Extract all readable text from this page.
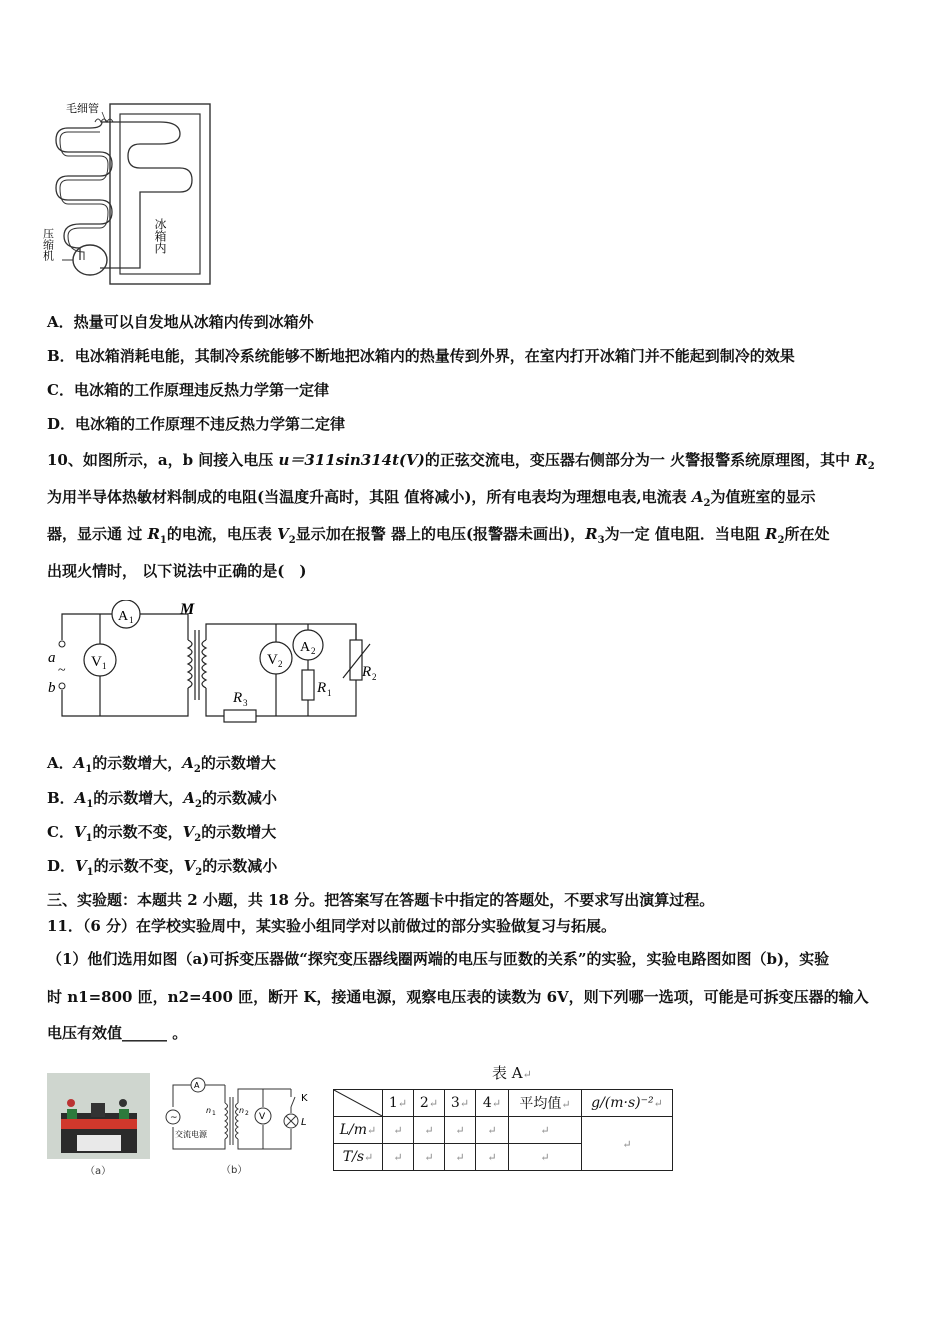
毛细管
冰箱内
压缩机
A．热量可以自发地从冰箱内传到冰箱外
B．电冰箱消耗电能，其制冷系统能够不断地把冰箱内的热量传到外界，在室内打开冰箱门并不能起到制冷的效果
C．电冰箱的工作原理违反热力学第一定律
D．电冰箱的工作原理不违反热力学第二定律
10、如图所示，a，b 间接入电压 u＝311sin314t(V)的正弦交流电，变压器右侧部分为一 火警报警系统原理图，其中 $R_2$
为用半导体热敏材料制成的电阻(当温度升高时，其阻 值将减小)，所有电表均为理想电表,电流表 $A_2$为值班室的显示
器，显示通 过 $R_1$的电流，电压表 $V_2$显示加在报警 器上的电压(报警器未画出)，$R_3$为一定 值电阻．当电阻 $R_2$所在处
出现火情时， 以下说法中正确的是(　)
a
b
~
M
A 1
V 1	V 2
A 2
R 1
R 3
R 2
A．$A_1$的示数增大，$A_2$的示数增大
B．$A_1$的示数增大，$A_2$的示数减小
C．$V_1$的示数不变，$V_2$的示数增大
D．$V_1$的示数不变，$V_2$的示数减小
三、实验题：本题共 2 小题，共 18 分。把答案写在答题卡中指定的答题处，不要求写出演算过程。
11．（6 分）在学校实验周中，某实验小组同学对以前做过的部分实验做复习与拓展。
（1）他们选用如图（a)可拆变压器做“探究变压器线圈两端的电压与匝数的关系”的实验，实验电路图如图（b)，实验
时 n1=800 匝，n2=400 匝，断开 K，接通电源，观察电压表的读数为 6V，则下列哪一选项，可能是可拆变压器的输入
电压有效值______ 。
（a）
A
V
~
交流电源
n 1	n 2
K
L
（b）
表 A↵
	1↵	2↵	3↵	4↵	平均值↵	g/(m·s)⁻²↵
L/m↵	↵	↵	↵	↵	↵	↵
T/s↵	↵	↵	↵	↵	↵	
